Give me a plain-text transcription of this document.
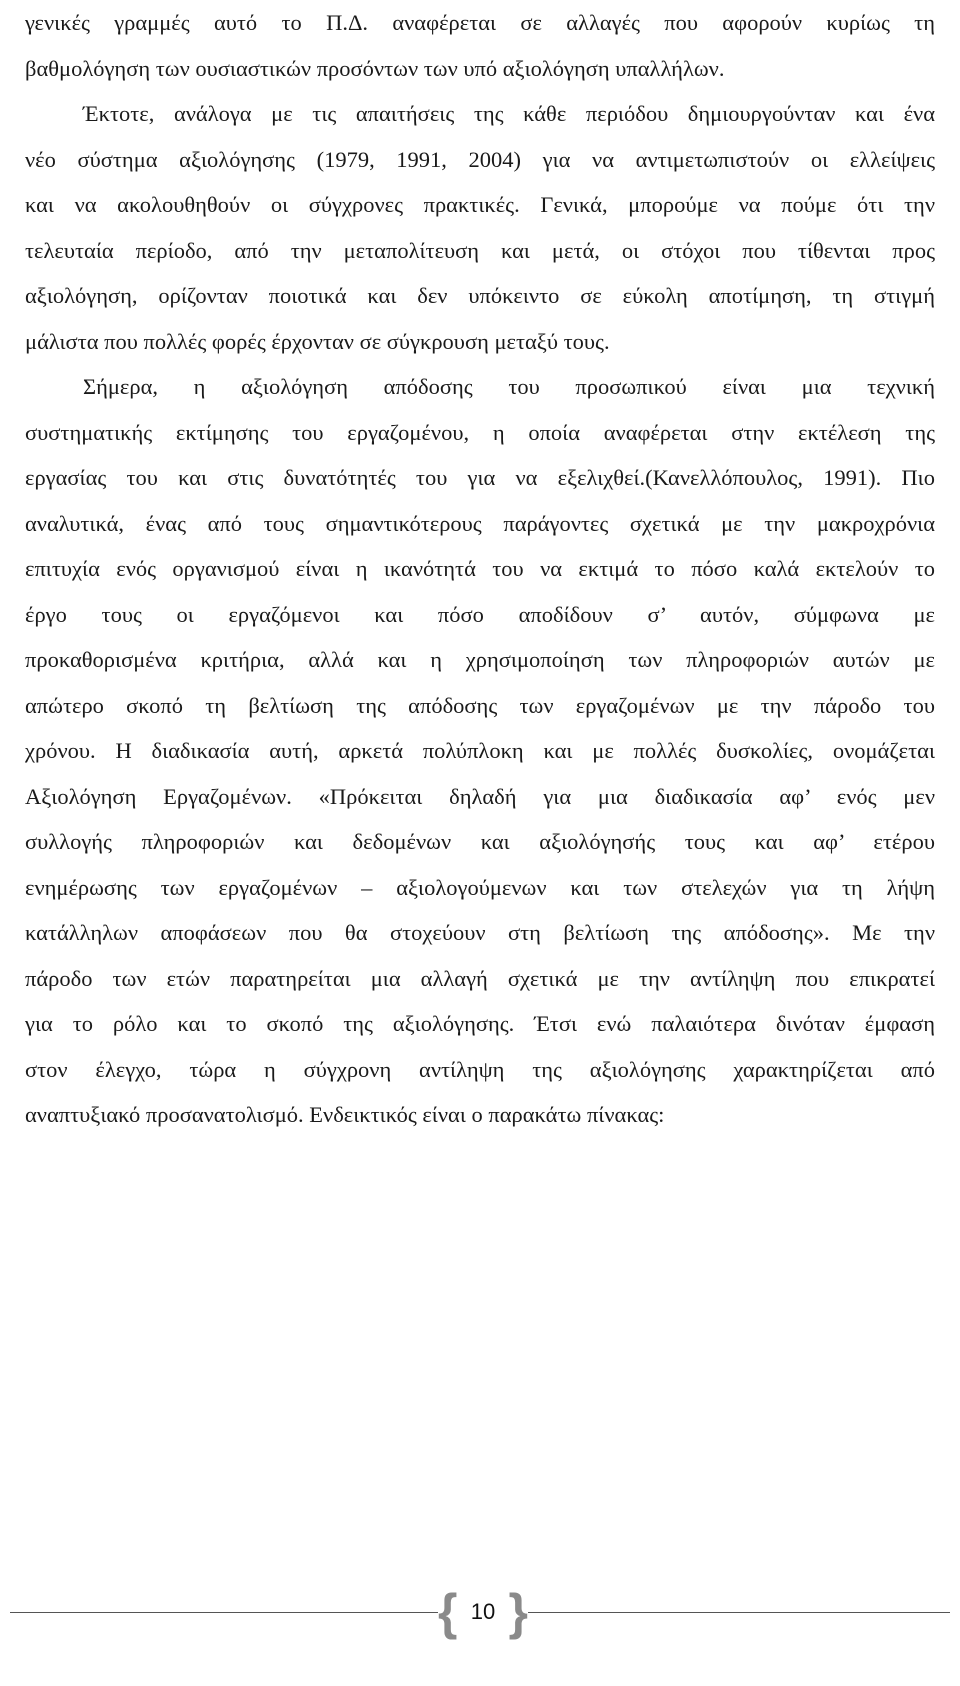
γενικές γραμμές αυτό το Π.Δ. αναφέρεται σε αλλαγές που αφορούν κυρίως τη
βαθμολόγηση των ουσιαστικών προσόντων των υπό αξιολόγηση υπαλλήλων.
Έκτοτε, ανάλογα με τις απαιτήσεις της κάθε περιόδου δημιουργούνταν και ένα
νέο σύστημα αξιολόγησης (1979, 1991, 2004) για να αντιμετωπιστούν οι ελλείψεις
και να ακολουθηθούν οι σύγχρονες πρακτικές. Γενικά, μπορούμε να πούμε ότι την
τελευταία περίοδο, από την μεταπολίτευση και μετά, οι στόχοι που τίθενται προς
αξιολόγηση, ορίζονταν ποιοτικά και δεν υπόκειντο σε εύκολη αποτίμηση, τη στιγμή
μάλιστα που πολλές φορές έρχονταν σε σύγκρουση μεταξύ τους.
Σήμερα, η αξιολόγηση απόδοσης του προσωπικού είναι μια τεχνική
συστηματικής εκτίμησης του εργαζομένου, η οποία αναφέρεται στην εκτέλεση της
εργασίας του και στις δυνατότητές του για να εξελιχθεί.(Κανελλόπουλος, 1991). Πιο
αναλυτικά, ένας από τους σημαντικότερους παράγοντες σχετικά με την μακροχρόνια
επιτυχία ενός οργανισμού είναι η ικανότητά του να εκτιμά το πόσο καλά εκτελούν το
έργο τους οι εργαζόμενοι και πόσο αποδίδουν σ’ αυτόν, σύμφωνα με
προκαθορισμένα κριτήρια, αλλά και η χρησιμοποίηση των πληροφοριών αυτών με
απώτερο σκοπό τη βελτίωση της απόδοσης των εργαζομένων με την πάροδο του
χρόνου. Η διαδικασία αυτή, αρκετά πολύπλοκη και με πολλές δυσκολίες, ονομάζεται
Αξιολόγηση Εργαζομένων. «Πρόκειται δηλαδή για μια διαδικασία αφ’ ενός μεν
συλλογής πληροφοριών και δεδομένων και αξιολόγησής τους και αφ’ ετέρου
ενημέρωσης των εργαζομένων – αξιολογούμενων και των στελεχών για τη λήψη
κατάλληλων αποφάσεων που θα στοχεύουν στη βελτίωση της απόδοσης». Με την
πάροδο των ετών παρατηρείται μια αλλαγή σχετικά με την αντίληψη που επικρατεί
για το ρόλο και το σκοπό της αξιολόγησης. Έτσι ενώ παλαιότερα δινόταν έμφαση
στον έλεγχο, τώρα η σύγχρονη αντίληψη της αξιολόγησης χαρακτηρίζεται από
αναπτυξιακό προσανατολισμό. Ενδεικτικός είναι ο παρακάτω πίνακας:
{ 10 }
